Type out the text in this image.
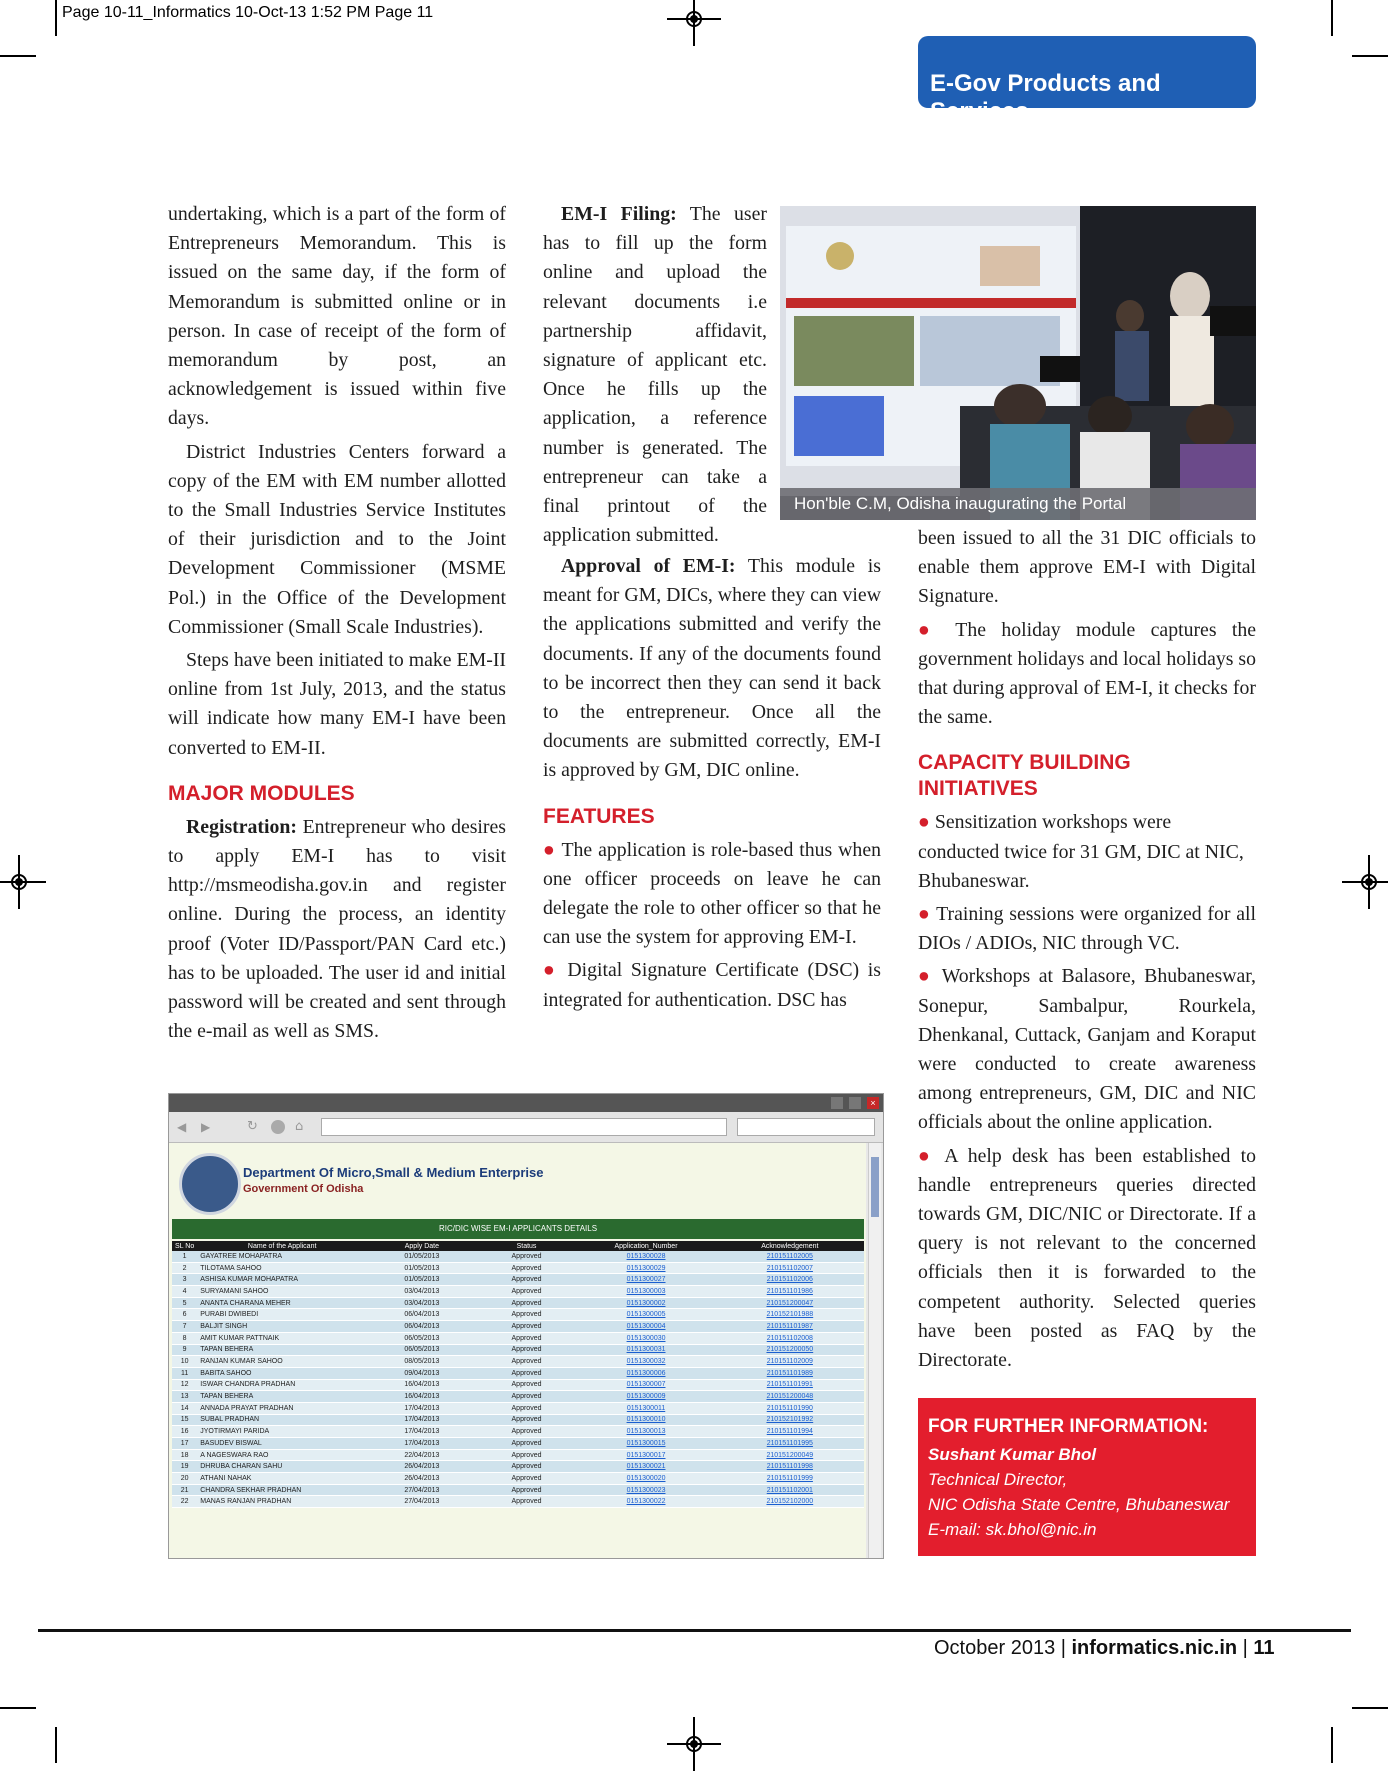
Page 10-11_Informatics 10-Oct-13 1:52 PM Page 11
E-Gov Products and Services

undertaking, which is a part of the form of Entrepreneurs Memorandum. This is issued on the same day, if the form of Memorandum is submitted online or in person. In case of receipt of the form of memorandum by post, an acknowledgement is issued within five days.

District Industries Centers forward a copy of the EM with EM number allotted to the Small Industries Service Institutes of their jurisdiction and to the Joint Development Commissioner (MSME Pol.) in the Office of the Development Commissioner (Small Scale Industries).

Steps have been initiated to make EM-II online from 1st July, 2013, and the status will indicate how many EM-I have been converted to EM-II.

MAJOR MODULES

Registration: Entrepreneur who desires to apply EM-I has to visit http://msmeodisha.gov.in and register online. During the process, an identity proof (Voter ID/Passport/PAN Card etc.) has to be uploaded. The user id and initial password will be created and sent through the e-mail as well as SMS.

EM-I Filing: The user has to fill up the form online and upload the relevant documents i.e partnership affidavit, signature of applicant etc. Once he fills up the application, a reference number is generated. The entrepreneur can take a final printout of the application submitted.

Approval of EM-I: This module is meant for GM, DICs, where they can view the applications submitted and verify the documents. If any of the documents found to be incorrect then they can send it back to the entrepreneur. Once all the documents are submitted correctly, EM-I is approved by GM, DIC online.

FEATURES

● The application is role-based thus when one officer proceeds on leave he can delegate the role to other officer so that he can use the system for approving EM-I.

● Digital Signature Certificate (DSC) is integrated for authentication. DSC has

Hon'ble C.M, Odisha inaugurating the Portal

been issued to all the 31 DIC officials to enable them approve EM-I with Digital Signature.

● The holiday module captures the government holidays and local holidays so that during approval of EM-I, it checks for the same.

CAPACITY BUILDING INITIATIVES

● Sensitization workshops were conducted twice for 31 GM, DIC at NIC, Bhubaneswar.

● Training sessions were organized for all DIOs / ADIOs, NIC through VC.

● Workshops at Balasore, Bhubaneswar, Sonepur, Sambalpur, Rourkela, Dhenkanal, Cuttack, Ganjam and Koraput were conducted to create awareness among entrepreneurs, GM, DIC and NIC officials about the online application.

● A help desk has been established to handle entrepreneurs queries directed towards GM, DIC/NIC or Directorate. If a query is not relevant to the concerned officials then it is forwarded to the competent authority. Selected queries have been posted as FAQ by the Directorate.

FOR FURTHER INFORMATION:
Sushant Kumar Bhol
Technical Director,
NIC Odisha State Centre, Bhubaneswar
E-mail: sk.bhol@nic.in
×
◀ ▶	↻	⌂
Department Of Micro,Small & Medium Enterprise
Government Of Odisha
RIC/DIC WISE EM-I APPLICANTS DETAILS
SL No	Name of the Applicant	Apply Date	Status	Application_Number	Acknowledgement
1	GAYATREE MOHAPATRA	01/05/2013	Approved	0151300028	210151102005
2	TILOTAMA SAHOO	01/05/2013	Approved	0151300029	210151102007
3	ASHISA KUMAR MOHAPATRA	01/05/2013	Approved	0151300027	210151102006
4	SURYAMANI SAHOO	03/04/2013	Approved	0151300003	210151101986
5	ANANTA CHARANA MEHER	03/04/2013	Approved	0151300002	210151200047
6	PURABI DWIBEDI	06/04/2013	Approved	0151300005	210152101988
7	BALJIT SINGH	06/04/2013	Approved	0151300004	210151101987
8	AMIT KUMAR PATTNAIK	06/05/2013	Approved	0151300030	210151102008
9	TAPAN BEHERA	06/05/2013	Approved	0151300031	210151200050
10	RANJAN KUMAR SAHOO	08/05/2013	Approved	0151300032	210151102009
11	BABITA SAHOO	09/04/2013	Approved	0151300006	210151101989
12	ISWAR CHANDRA PRADHAN	16/04/2013	Approved	0151300007	210151101991
13	TAPAN BEHERA	16/04/2013	Approved	0151300009	210151200048
14	ANNADA PRAYAT PRADHAN	17/04/2013	Approved	0151300011	210151101990
15	SUBAL PRADHAN	17/04/2013	Approved	0151300010	210152101992
16	JYOTIRMAYI PARIDA	17/04/2013	Approved	0151300013	210151101994
17	BASUDEV BISWAL	17/04/2013	Approved	0151300015	210151101995
18	A NAGESWARA RAO	22/04/2013	Approved	0151300017	210151200049
19	DHRUBA CHARAN SAHU	26/04/2013	Approved	0151300021	210151101998
20	ATHANI NAHAK	26/04/2013	Approved	0151300020	210151101999
21	CHANDRA SEKHAR PRADHAN	27/04/2013	Approved	0151300023	210151102001
22	MANAS RANJAN PRADHAN	27/04/2013	Approved	0151300022	210152102000
October 2013 | informatics.nic.in | 11
